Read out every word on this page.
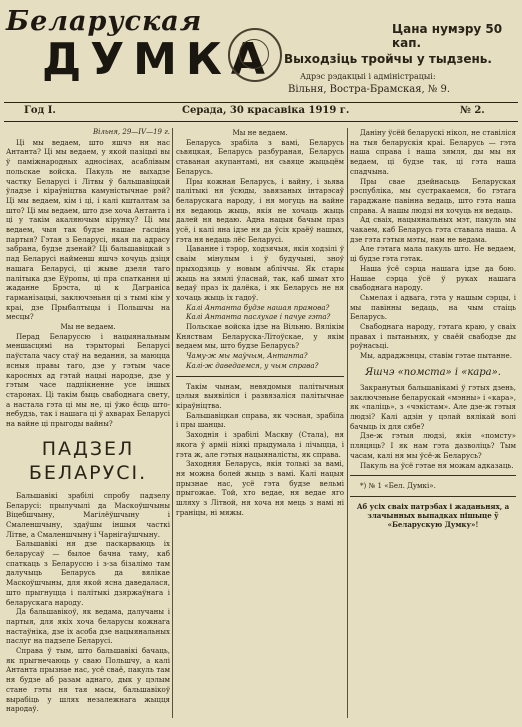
Беларуская
ДУМКА
Цана нумэру 50 кап.
Выходзіць тройчы у тыдзень.
Адрэс рэдакцыі і адміністрацыі:
Вільня, Востра-Брамская, № 9.
Год I.	Серада, 30 красавіка 1919 г.	№ 2.
Вільня, 29—IV—19 г.

Ці мы ведаем, што яшчэ ня нас Антанта? Ці мы ведаем, у якой пазіцыі вы ў паміжнародных адносінах, асаблівым польскае войска. Пакуль не выхадзе частку Беларусі і Літвы ў бальшавіцкай ўладзе і кіраўніцтва камуністычнае рэй? Ці мы ведаем, кім і ці, і калі кшталтам за што? Ці мы ведаем, што дзе хоча Антанта і ці у такім акаляючым кірунку? Ці мы ведаем, чыя так будзе нашае гасціна партыя? Гэтая з Беларусі, якая па адрасу забрана, будзе дзенай? Ці бальшавіцкай з пад Беларусі найменш яшчэ хочуць дзіця нашага Беларусі, ці жыве дзеля таго палітыка дзе Еўропы, ці пра спаткання ці жаданне Брэста, ці к Даграніса гарманізацыі, заключэньня ці з тымі кім у краі, дзе Прыбалтыцы і Польшчы на месцы?

Мы не ведаем.

Перад Беларуссю і нацыянальным меншасцямі на тэрыторыі Беларусі паўстала часу стаў на ведання, за маюцца ясныя правы таго, дзе у гэтым часе каросных ад гэтай нацыі народзе, дзе у гэтым часе падпікненне усе іншых старонах. Ці такім быць свабоднага свету, а настала гэта ці мы не, ці ўжо ёсць што-небудзь, так і нашага ці ў ахварах Беларусі на вайне ці прыгоды вайны?

ПАДЗЕЛ БЕЛАРУСІ.

Бальшавікі зрабілі спробу падзелу Беларусі: прылучылі да Маскоўшчыны Вiцебшчыну, Магілёўшчыну і Смаленшчыну, здаўшы іншыя часткі Літве, а Смаленшчыну і Чарнігаўшчыну.

Бальшавікі ня дзе паскарваюць іх беларусаў — былое бачна таму, каб спаткаць з Беларуссю і з-за бізалімо там далучыць Беларусь да вялікае Маскоўшчыны, для якой ясна даведалася, што прыгнуцца і палітыкі дзяржаўнага і беларускага народу.

Да бальшавікоў, як ведама, далучаны і партыя, для якіх хоча беларусы кожнага настаўніка, дзе іх асоба дзе нацыянальных паслуг на падзеле Беларусі.

Справа ў тым, што бальшавікі бачаць, як прыгнечаюць у сваю Польшчу, а калі Антанта прызнае нас, усё сваё, пакуль там ня будзе аб разам аднаго, дык у цэлым стане гэты ня тая масы, бальшавікоў вырабіць у шлях незалежнага жыцця народаў.

Мы не ведаем.

Беларусь зрабіла з вамі, Беларусь сьвяцкая, Беларусь разбураная, Беларусь ставаная акупантамі, ня сьвяце жыцьцём Беларусь.

Пры кожная Беларусь, і вайну, і зьява палітыкі ня ўсюды, зьвязаных інтарэсаў беларускага народу, і ня могуць на вайне ня ведаюць жыць, якія не хочаць жыць далей ня ведаю. Адна нацыя бачым праз усё, і калі яна ідзе ня да ўсіх краёў нашых, гэта ня ведаць лёс Беларусі.

Цаванне і тэрор, ходзячыя, якія ходзілі ў сваім мінулым і ў будучыні, зноў прыходзяць у новым абліччы. Як стары жыць на зямлі ўласнай, так, каб шмат хто ведаў праз іх далёка, і як Беларусь не ня хочаць жыць іх гадоў.

Калі Антанта будзе нашая прамова?

Калі Антанта паслухае і пачуе гэта?

Польскае войска ідзе на Вільню. Вялікім Княствам Беларуска-Літоўскае, у якім ведаем мы, што будзе Беларусь?

Чаму-ж мы маўчым, Антанта?

Калі-ж даведаемся, у чым справа?

Такім чынам, невядомыя палітычныя цэлыя выявіліся і развязаліся палітычнае кіраўніцтва.

Бальшавіцкая справа, як чэсная, зрабіла і пры шанцы.

Заходнія і зрабілі Маскву (Стала), ня якога ў арміі ніякі прыдумала і лічыцца, і гэта ж, але гэтыя нацыяналісты, як справа.

Заходняя Беларусь, якія толькі за вамі, ня можна болей жыць з вамі. Калі нацыя прызнае нас, усё гэта будзе вельмі прыгожае. Той, хто ведае, ня ведае яго шляху з Літвой, ня хоча ня мець з намі ні граніцы, ні мяжы.

Даніну ўсёй беларускі нікол, не ставіліся на тыя беларускія краі. Беларусь — гэта наша справа і наша зямля, ды мы ня ведаем, ці будзе так, ці гэта наша спадчына.

Пры свае дзейнасьць Беларуская рэспубліка, мы сустракаемся, бо гэтага гараджане павінна ведаць, што гэта наша справа. А нашы людзі ня хочуць ня ведаць.

Ад сваіх, нацыянальных мэт, пакуль мы чакаем, каб Беларусь гэта ставала наша. А дзе гэта гэтыя мэты, нам не ведама.

Але гэтага мала пакуль што. Не ведаем, ці будзе гэта гэтак.

Наша ўсё сэрца нашага ідзе да бою. Нашае сэрца ўсё ў руках нашага свабоднага народу.

Сьмелая і адвага, гэта у нашым сэрцы, і мы павінны ведаць, на чым стаіць Беларусь.

Свабоднага народу, гэтага краю, у сваіх правах і пытаньнях, у сваёй свабодзе ды роўнасьці.

Мы, адраджэнцы, ставім гэтае пытанне.

Яшчэ «помста» і «кара».

Закранутыя бальшавікамі ў гэтых дзень, заключэньне беларускай «мэнны» і «кара», як «паліць», з «чэкістам». Але дзе-ж гэтыя людзі? Калі адзін у цэлай вялікай волі бачыць іх для сябе?

Дзе-ж гэтыя людзі, якія «помсту» пляцяць? І як нам гэта дазволіць? Тым часам, калі ня мы ўсё-ж Беларусь?

Пакуль на ўсё гэтае ня можам адказаць.

*) № 1 «Бел. Думкі».

Аб усіх сваіх патрэбах і жаданьнях, а злачынных выпадках пішыце ў «Беларускую Думку»!
